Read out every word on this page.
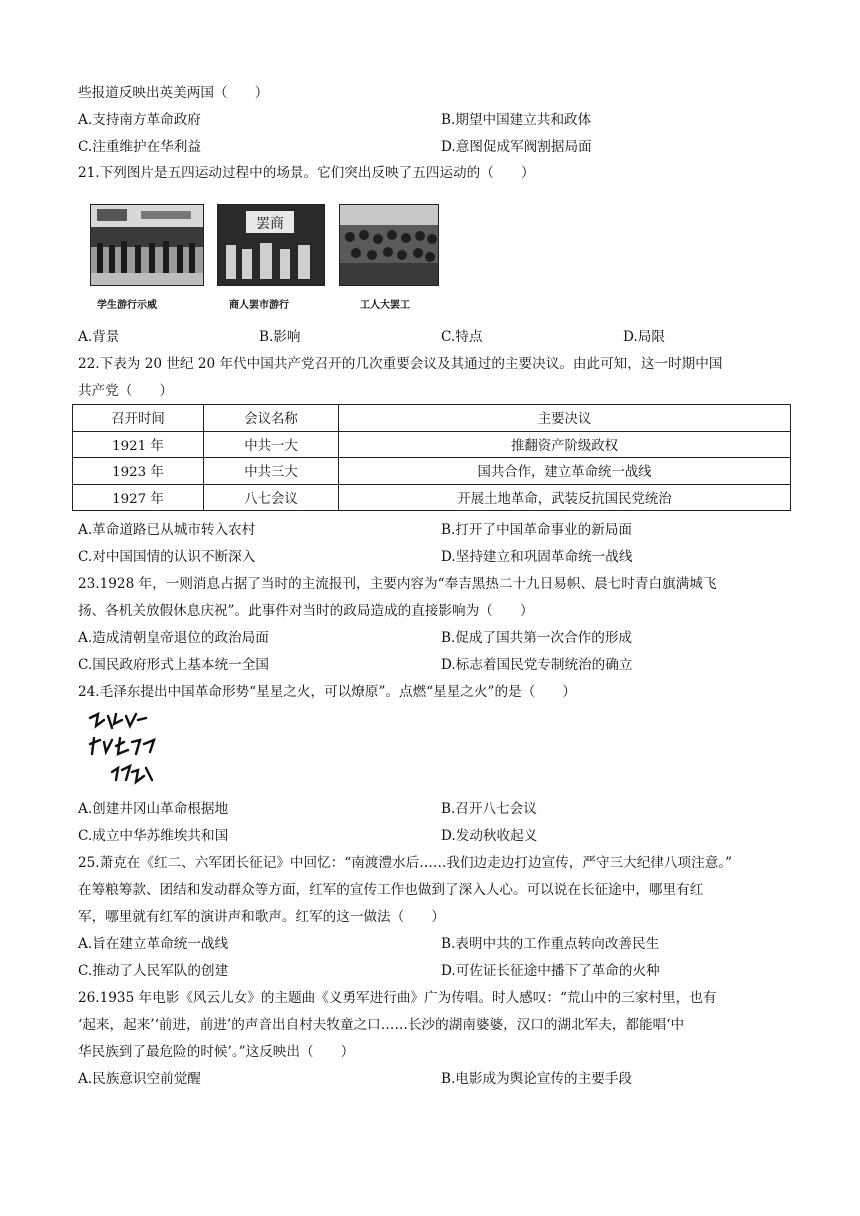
些报道反映出英美两国（　　）
A.支持南方革命政府	B.期望中国建立共和政体
C.注重维护在华利益	D.意图促成军阀割据局面
21.下列图片是五四运动过程中的场景。它们突出反映了五四运动的（　　）
罢商
学生游行示威	商人罢市游行	工人大罢工
A.背景	B.影响	C.特点	D.局限
22.下表为 20 世纪 20 年代中国共产党召开的几次重要会议及其通过的主要决议。由此可知，这一时期中国
共产党（　　）
召开时间	会议名称	主要决议
1921 年	中共一大	推翻资产阶级政权
1923 年	中共三大	国共合作，建立革命统一战线
1927 年	八七会议	开展土地革命，武装反抗国民党统治
A.革命道路已从城市转入农村	B.打开了中国革命事业的新局面
C.对中国国情的认识不断深入	D.坚持建立和巩固革命统一战线
23.1928 年，一则消息占据了当时的主流报刊，主要内容为“奉吉黑热二十九日易帜、晨七时青白旗满城飞
扬、各机关放假休息庆祝”。此事件对当时的政局造成的直接影响为（　　）
A.造成清朝皇帝退位的政治局面	B.促成了国共第一次合作的形成
C.国民政府形式上基本统一全国	D.标志着国民党专制统治的确立
24.毛泽东提出中国革命形势“星星之火，可以燎原”。点燃“星星之火”的是（　　）
A.创建井冈山革命根据地	B.召开八七会议
C.成立中华苏维埃共和国	D.发动秋收起义
25.萧克在《红二、六军团长征记》中回忆：“南渡澧水后……我们边走边打边宣传，严守三大纪律八项注意。”
在筹粮筹款、团结和发动群众等方面，红军的宣传工作也做到了深入人心。可以说在长征途中，哪里有红
军，哪里就有红军的演讲声和歌声。红军的这一做法（　　）
A.旨在建立革命统一战线	B.表明中共的工作重点转向改善民生
C.推动了人民军队的创建	D.可佐证长征途中播下了革命的火种
26.1935 年电影《风云儿女》的主题曲《义勇军进行曲》广为传唱。时人感叹：“荒山中的三家村里，也有
‘起来，起来’‘前进，前进’的声音出自村夫牧童之口……长沙的湖南婆婆，汉口的湖北军夫，都能唱‘中
华民族到了最危险的时候’。”这反映出（　　）
A.民族意识空前觉醒	B.电影成为舆论宣传的主要手段
